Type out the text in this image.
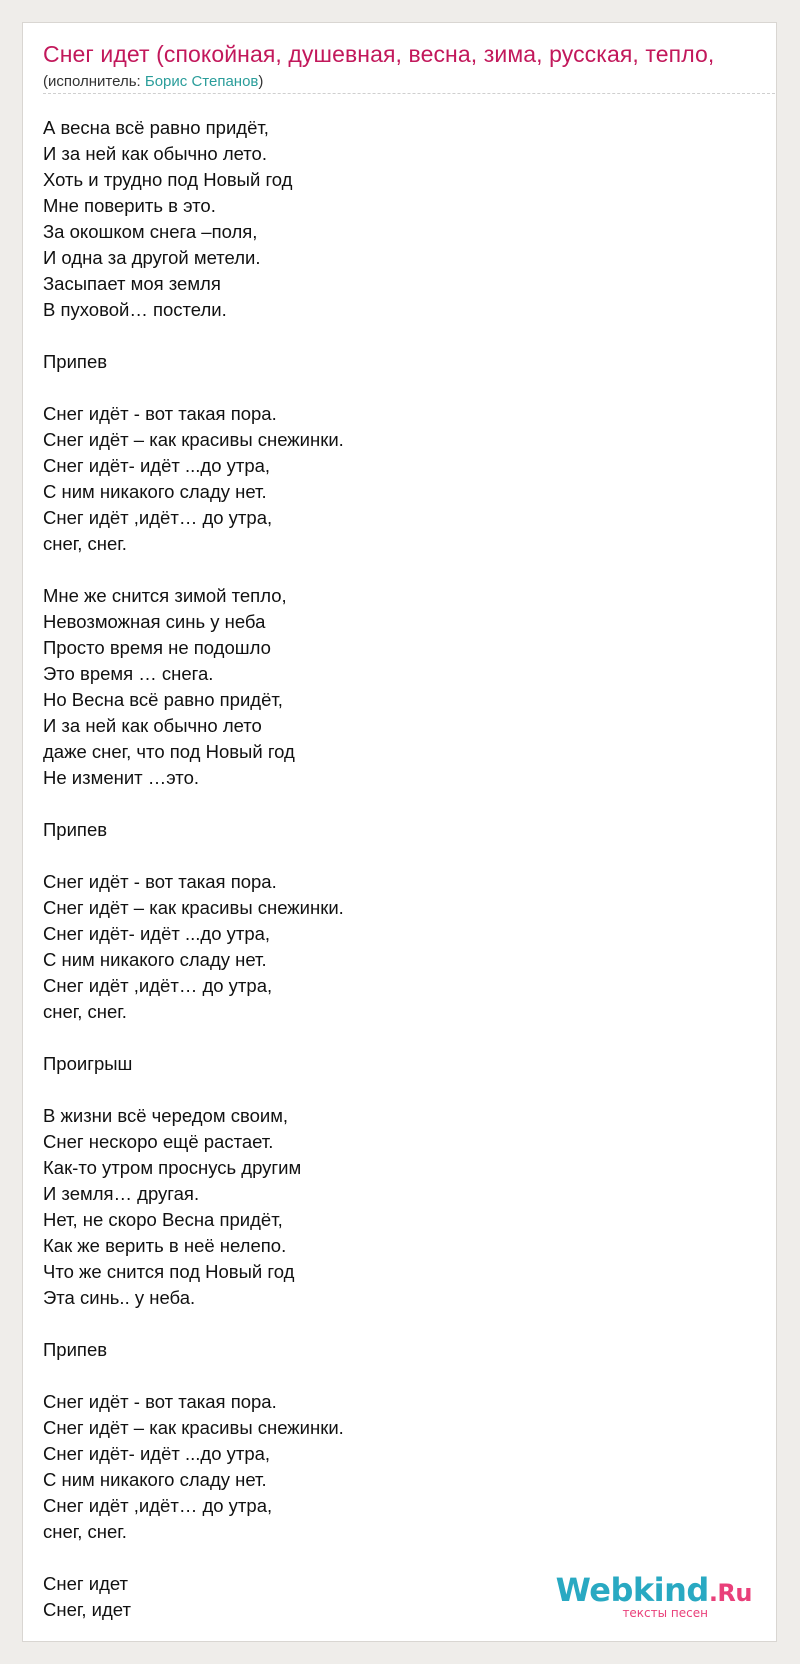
Снег идет (спокойная, душевная, весна, зима, русская, тепло,
(исполнитель: Борис Степанов)
А весна всё равно придёт,
И за ней как обычно лето.
Хоть и трудно под Новый год
Мне поверить в это.
За окошком снега –поля,
И одна за другой метели.
Засыпает моя земля
В пуховой… постели.
Припев
Снег идёт - вот такая пора.
Снег идёт – как красивы снежинки.
Снег идёт- идёт ...до утра,
С ним никакого сладу нет.
Снег идёт ,идёт… до утра,
снег, снег.
Мне же снится зимой тепло,
Невозможная синь у неба
Просто время не подошло
Это время … снега.
Но Весна всё равно придёт,
И за ней как обычно лето
даже снег, что под Новый год
Не изменит …это.
Припев
Снег идёт - вот такая пора.
Снег идёт – как красивы снежинки.
Снег идёт- идёт ...до утра,
С ним никакого сладу нет.
Снег идёт ,идёт… до утра,
снег, снег.
Проигрыш
В жизни всё чередом своим,
Снег нескоро ещё растает.
Как-то утром проснусь другим
И земля… другая.
Нет, не скоро Весна придёт,
Как же верить в неё нелепо.
Что же снится под Новый год
Эта синь.. у неба.
Припев
Снег идёт - вот такая пора.
Снег идёт – как красивы снежинки.
Снег идёт- идёт ...до утра,
С ним никакого сладу нет.
Снег идёт ,идёт… до утра,
снег, снег.
Снег идет
Снег, идет
Webkind.Ru
тексты песен
